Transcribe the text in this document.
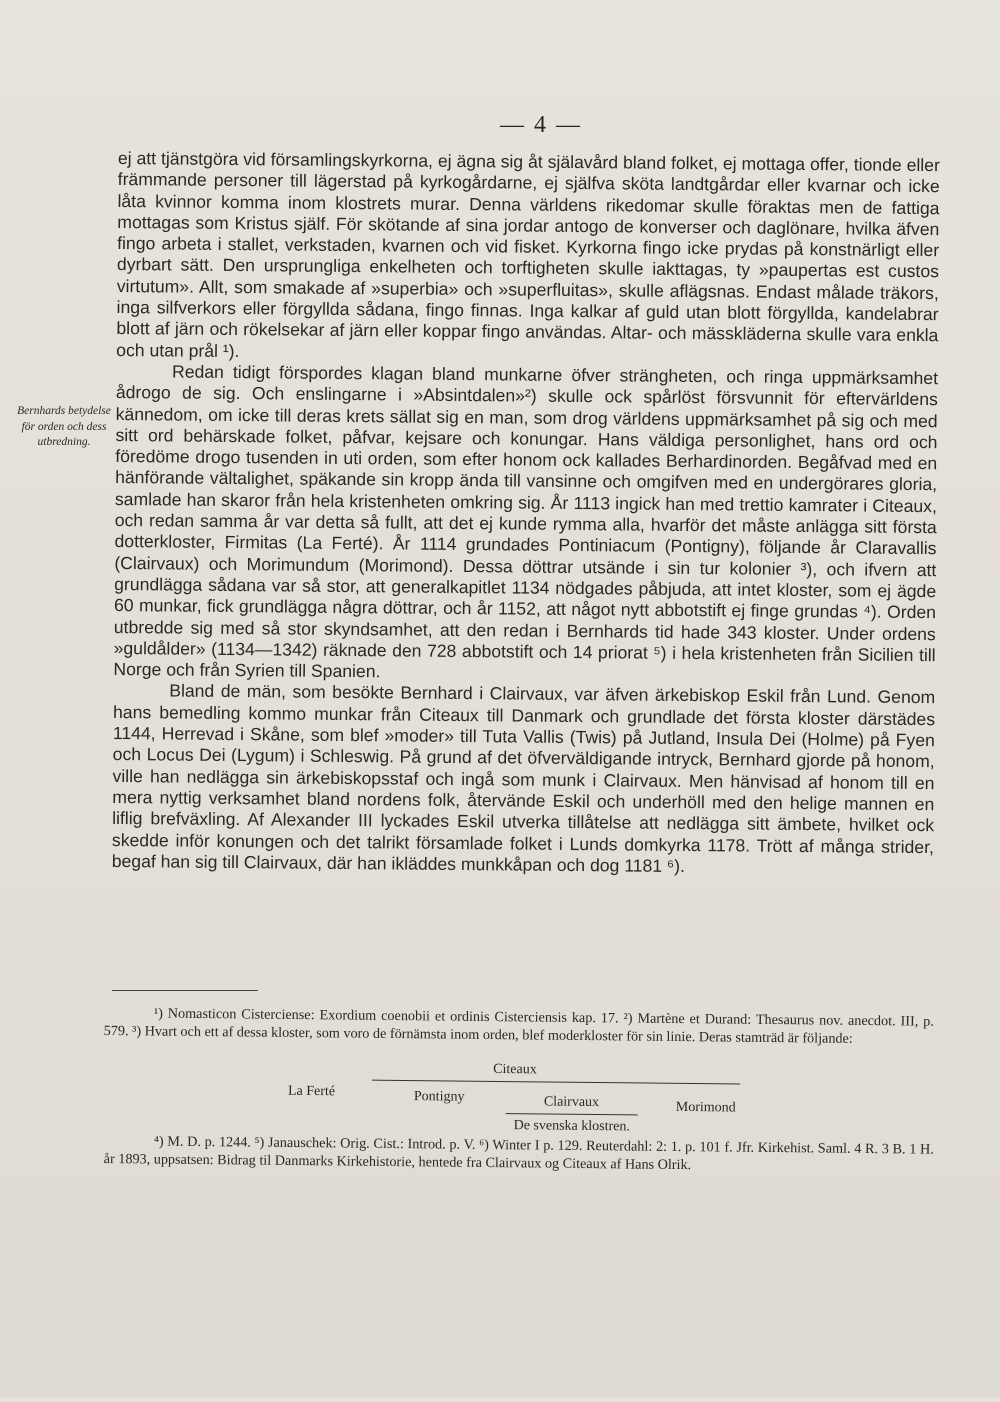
— 4 —
Bernhards betydelse för orden och dess utbredning.

ej att tjänstgöra vid församlingskyrkorna, ej ägna sig åt själavård bland folket, ej mottaga offer, tionde eller främmande personer till lägerstad på kyrkogårdarne, ej själfva sköta landtgårdar eller kvarnar och icke låta kvinnor komma inom klostrets murar. Denna världens rikedomar skulle föraktas men de fattiga mottagas som Kristus själf. För skötande af sina jordar antogo de konverser och daglönare, hvilka äfven fingo arbeta i stallet, verkstaden, kvarnen och vid fisket. Kyrkorna fingo icke prydas på konstnärligt eller dyrbart sätt. Den ursprungliga enkelheten och torftigheten skulle iakttagas, ty »paupertas est custos virtutum». Allt, som smakade af »superbia» och »superfluitas», skulle aflägsnas. Endast målade träkors, inga silfverkors eller förgyllda sådana, fingo finnas. Inga kalkar af guld utan blott förgyllda, kandelabrar blott af järn och rökelsekar af järn eller koppar fingo användas. Altar- och mässkläderna skulle vara enkla och utan prål ¹).

Redan tidigt förspordes klagan bland munkarne öfver strängheten, och ringa uppmärksamhet ådrogo de sig. Och enslingarne i »Absintdalen»²) skulle ock spårlöst försvunnit för eftervärldens kännedom, om icke till deras krets sällat sig en man, som drog världens uppmärksamhet på sig och med sitt ord behärskade folket, påfvar, kejsare och konungar. Hans väldiga personlighet, hans ord och föredöme drogo tusenden in uti orden, som efter honom ock kallades Berhardinorden. Begåfvad med en hänförande vältalighet, späkande sin kropp ända till vansinne och omgifven med en undergörares gloria, samlade han skaror från hela kristenheten omkring sig. År 1113 ingick han med trettio kamrater i Citeaux, och redan samma år var detta så fullt, att det ej kunde rymma alla, hvarför det måste anlägga sitt första dotterkloster, Firmitas (La Ferté). År 1114 grundades Pontiniacum (Pontigny), följande år Claravallis (Clairvaux) och Morimundum (Morimond). Dessa döttrar utsände i sin tur kolonier ³), och ifvern att grundlägga sådana var så stor, att generalkapitlet 1134 nödgades påbjuda, att intet kloster, som ej ägde 60 munkar, fick grundlägga några döttrar, och år 1152, att något nytt abbotstift ej finge grundas ⁴). Orden utbredde sig med så stor skyndsamhet, att den redan i Bernhards tid hade 343 kloster. Under ordens »guldålder» (1134—1342) räknade den 728 abbotstift och 14 priorat ⁵) i hela kristenheten från Sicilien till Norge och från Syrien till Spanien.

Bland de män, som besökte Bernhard i Clairvaux, var äfven ärkebiskop Eskil från Lund. Genom hans bemedling kommo munkar från Citeaux till Danmark och grundlade det första kloster därstädes 1144, Herrevad i Skåne, som blef »moder» till Tuta Vallis (Twis) på Jutland, Insula Dei (Holme) på Fyen och Locus Dei (Lygum) i Schleswig. På grund af det öfverväldigande intryck, Bernhard gjorde på honom, ville han nedlägga sin ärkebiskopsstaf och ingå som munk i Clairvaux. Men hänvisad af honom till en mera nyttig verksamhet bland nordens folk, återvände Eskil och underhöll med den helige mannen en liflig brefväxling. Af Alexander III lyckades Eskil utverka tillåtelse att nedlägga sitt ämbete, hvilket ock skedde inför konungen och det talrikt församlade folket i Lunds domkyrka 1178. Trött af många strider, begaf han sig till Clairvaux, där han ikläddes munkkåpan och dog 1181 ⁶).

¹) Nomasticon Cisterciense: Exordium coenobii et ordinis Cisterciensis kap. 17. ²) Martène et Durand: Thesaurus nov. anecdot. III, p. 579. ³) Hvart och ett af dessa kloster, som voro de förnämsta inom orden, blef moderkloster för sin linie. Deras stamträd är följande:

Citeaux
La Ferté	Pontigny	Clairvaux	Morimond
De svenska klostren.

⁴) M. D. p. 1244. ⁵) Janauschek: Orig. Cist.: Introd. p. V. ⁶) Winter I p. 129. Reuterdahl: 2: 1. p. 101 f. Jfr. Kirkehist. Saml. 4 R. 3 B. 1 H. år 1893, uppsatsen: Bidrag til Danmarks Kirkehistorie, hentede fra Clairvaux og Citeaux af Hans Olrik.
